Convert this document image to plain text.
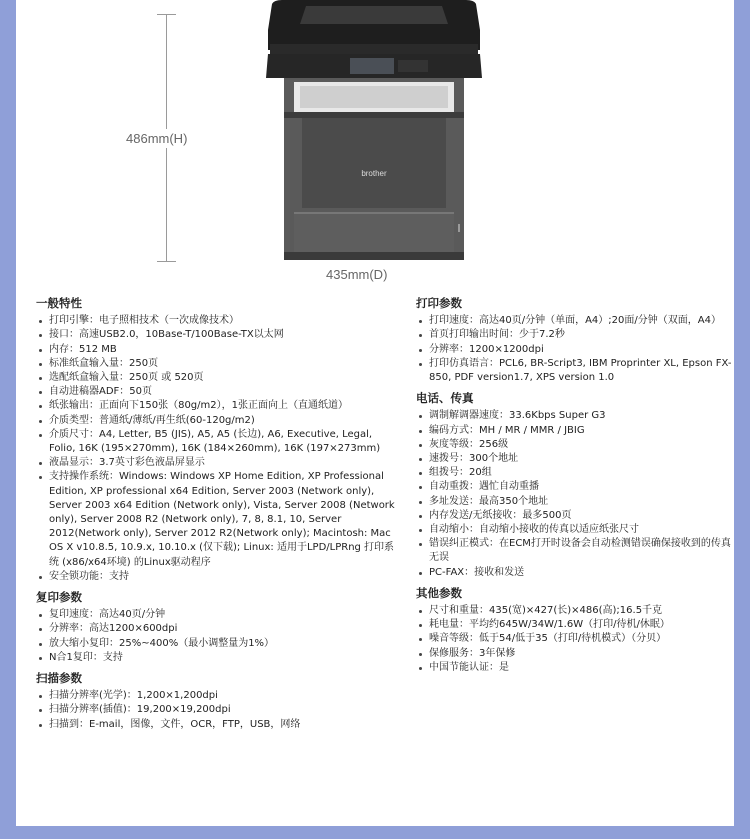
486mm(H)
brother
435mm(D)
一般特性
打印引擎：电子照相技术（一次成像技术）
接口：高速USB2.0，10Base-T/100Base-TX以太网
内存：512 MB
标准纸盒输入量：250页
选配纸盒输入量：250页 或 520页
自动进稿器ADF：50页
纸张输出：正面向下150张（80g/m2），1张正面向上（直通纸道）
介质类型：普通纸/薄纸/再生纸(60-120g/m2)
介质尺寸：A4, Letter, B5 (JIS), A5, A5 (长边), A6, Executive, Legal, Folio, 16K (195×270mm), 16K (184×260mm), 16K (197×273mm)
液晶显示：3.7英寸彩色液晶屏显示
支持操作系统：Windows: Windows XP Home Edition, XP Professional Edition, XP professional x64 Edition, Server 2003 (Network only), Server 2003 x64 Edition (Network only), Vista, Server 2008 (Network only), Server 2008 R2 (Network only), 7, 8, 8.1, 10, Server 2012(Network only), Server 2012 R2(Network only); Macintosh: Mac OS X v10.8.5, 10.9.x, 10.10.x (仅下载); Linux: 适用于LPD/LPRng 打印系统 (x86/x64环境) 的Linux驱动程序
安全锁功能：支持
复印参数
复印速度：高达40页/分钟
分辨率：高达1200×600dpi
放大缩小复印：25%~400%（最小调整量为1%）
N合1复印：支持
扫描参数
扫描分辨率(光学)：1,200×1,200dpi
扫描分辨率(插值)：19,200×19,200dpi
扫描到：E-mail，图像，文件，OCR，FTP，USB，网络
打印参数
打印速度：高达40页/分钟（单面，A4）;20面/分钟（双面，A4）
首页打印输出时间：少于7.2秒
分辨率：1200×1200dpi
打印仿真语言：PCL6, BR-Script3, IBM Proprinter XL, Epson FX-850, PDF version1.7, XPS version 1.0
电话、传真
调制解调器速度：33.6Kbps Super G3
编码方式：MH / MR / MMR / JBIG
灰度等级：256级
速拨号：300个地址
组拨号：20组
自动重拨：遇忙自动重播
多址发送：最高350个地址
内存发送/无纸接收：最多500页
自动缩小：自动缩小接收的传真以适应纸张尺寸
错误纠正模式：在ECM打开时设备会自动检测错误确保接收到的传真无误
PC-FAX：接收和发送
其他参数
尺寸和重量：435(宽)×427(长)×486(高);16.5千克
耗电量：平均约645W/34W/1.6W（打印/待机/休眠）
噪音等级：低于54/低于35（打印/待机模式）（分贝）
保修服务：3年保修
中国节能认证：是
